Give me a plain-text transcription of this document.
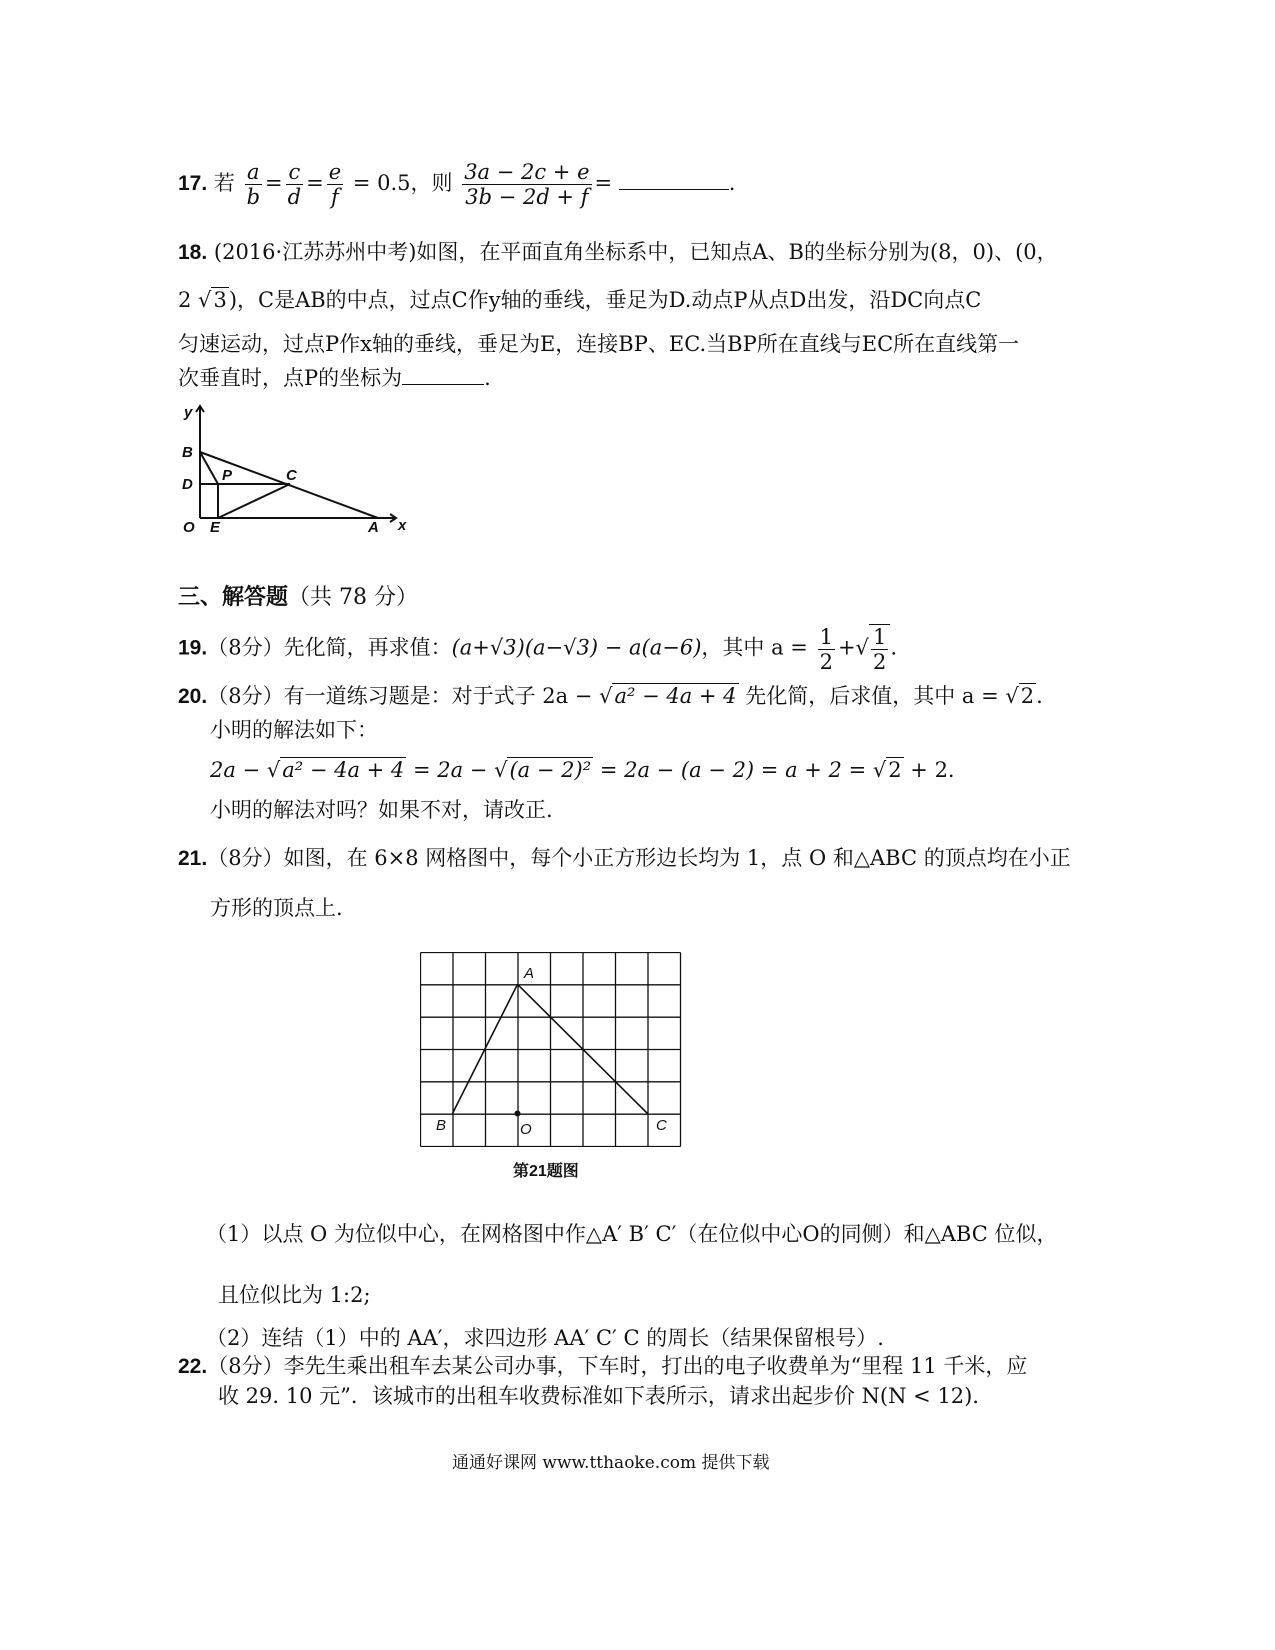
17. 若 $\frac{a}{b} = \frac{c}{d} = \frac{e}{f} = 0.5$，则 $\frac{3a - 2c + e}{3b - 2d + f}$ =	.
18. (2016·江苏苏州中考)如图，在平面直角坐标系中，已知点A、B的坐标分别为(8，0)、(0，
2 √3)，C是AB的中点，过点C作y轴的垂线，垂足为D.动点P从点D出发，沿DC向点C
匀速运动，过点P作x轴的垂线，垂足为E，连接BP、EC.当BP所在直线与EC所在直线第一
次垂直时，点P的坐标为	.
y
B
D
P	C
O E	A x
三、解答题（共 78 分）
19.（8分）先化简，再求值：(a+√3)(a−√3) − a(a−6)，其中 $a = \frac{1}{2}$ +√ $\frac{1}{2}$ .
20.（8分）有一道练习题是：对于式子 2a − √a² − 4a + 4 先化简，后求值，其中 a = √2.
小明的解法如下：
2a − √a² − 4a + 4 = 2a − √(a − 2)² = 2a − (a − 2) = a + 2 = √2 + 2.
小明的解法对吗？如果不对，请改正.
21.（8分）如图，在 6×8 网格图中，每个小正方形边长均为 1，点 O 和△ABC 的顶点均在小正
方形的顶点上.
A
B	O	C
第21题图
（1）以点 O 为位似中心，在网格图中作△A′ B′ C′（在位似中心O的同侧）和△ABC 位似，
且位似比为 1:2;
（2）连结（1）中的 AA′，求四边形 AA′ C′ C 的周长（结果保留根号）.
22.（8分）李先生乘出租车去某公司办事，下车时，打出的电子收费单为“里程 11 千米，应
收 29. 10 元”．该城市的出租车收费标准如下表所示，请求出起步价 N(N < 12)．
通通好课网 www.tthaoke.com 提供下载
